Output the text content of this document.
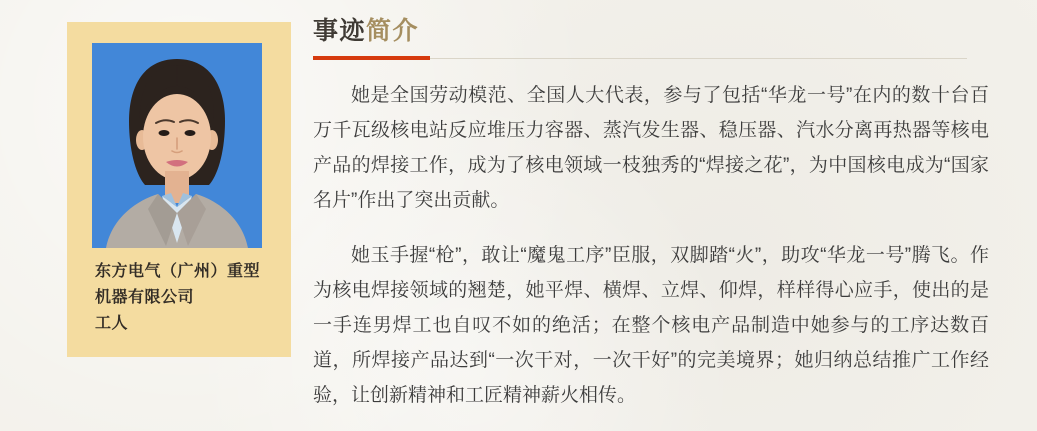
东方电气（广州）重型
机器有限公司
工人
事迹简介

她是全国劳动模范、全国人大代表，参与了包括“华龙一号”在内的数十台百万千瓦级核电站反应堆压力容器、蒸汽发生器、稳压器、汽水分离再热器等核电产品的焊接工作，成为了核电领域一枝独秀的“焊接之花”，为中国核电成为“国家名片”作出了突出贡献。

她玉手握“枪”，敢让“魔鬼工序”臣服，双脚踏“火”，助攻“华龙一号”腾飞。作为核电焊接领域的翘楚，她平焊、横焊、立焊、仰焊，样样得心应手，使出的是一手连男焊工也自叹不如的绝活；在整个核电产品制造中她参与的工序达数百道，所焊接产品达到“一次干对，一次干好”的完美境界；她归纳总结推广工作经验，让创新精神和工匠精神薪火相传。
